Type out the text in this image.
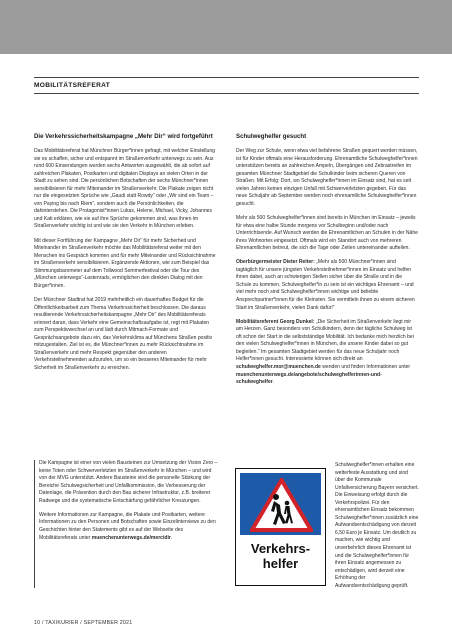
MOBILITÄTSREFERAT
Die Verkehrssicherheitskampagne „Mehr Dir“ wird fortgeführt

Das Mobilitätsreferat hat Münchner Bürger*innen gefragt, mit welcher Einstellung sie es schaffen, sicher und entspannt im Straßenverkehr unterwegs zu sein. Aus rund 600 Einsendungen wurden sechs Antworten ausgewählt, die ab sofort auf zahlreichen Plakaten, Postkarten und digitalen Displays an vielen Orten in der Stadt zu sehen sind. Die persönlichen Botschaften der sechs Münchner*innen sensibilisieren für mehr Miteinander im Straßenverkehr. Die Plakate zeigen nicht nur die eingesetzten Sprüche wie „Gaudi statt Rowdy“ oder „Wir sind ein Team – von Paying bis nach Riem“, sondern auch die Persönlichkeiten, die dahinterstehen. Die Protagonist*innen Lukas, Helene, Michael, Vicky, Johannes und Kati erklären, wie sie auf ihre Sprüche gekommen sind, was ihnen im Straßenverkehr wichtig ist und wie sie den Verkehr in München erleben.

Mit dieser Fortführung der Kampagne „Mehr Dir“ für mehr Sicherheit und Miteinander im Straßenverkehr möchte das Mobilitätsreferat weiter mit den Menschen ins Gespräch kommen und für mehr Miteinander und Rücksichtnahme im Straßenverkehr sensibilisieren. Ergänzende Aktionen, wie zum Beispiel das Stimmungsbarometer auf dem Tollwood Sommerfestival oder die Tour des „München unterwegs“-Lastenrads, ermöglichen den direkten Dialog mit den Bürger*innen.

Der Münchner Stadtrat hat 2019 mehrheitlich ein dauerhaftes Budget für die Öffentlichkeitsarbeit zum Thema Verkehrssicherheit beschlossen. Die daraus resultierende Verkehrssicherheitskampagne „Mehr Dir“ des Mobilitätsreferats erinnert daran, dass Verkehr eine Gemeinschaftsaufgabe ist, regt mit Plakaten zum Perspektivwechsel an und lädt durch Mitmach-Formate und Gesprächsangebote dazu ein, das Verkehrsklima auf Münchens Straßen positiv mitzugestalten. Ziel ist es, die Münchner*innen zu mehr Rücksichtnahme im Straßenverkehr und mehr Respekt gegenüber den anderen Verkehrsteilnehmenden aufzurufen, um so ein besseres Miteinander für mehr Sicherheit im Straßenverkehr zu erreichen.

Schulweghelfer gesucht

Der Weg zur Schule, wenn etwa viel befahrene Straßen gequert werden müssen, ist für Kinder oftmals eine Herausforderung. Ehrenamtliche Schulweghelfer*innen unterstützen bereits an zahlreichen Ampeln, Übergängen und Zebrastreifen im gesamten Münchner Stadtgebiet die Schulkinder beim sicheren Queren von Straßen. Mit Erfolg: Dort, wo Schulweghelfer*innen im Einsatz sind, hat es seit vielen Jahren keinen einzigen Unfall mit Schwerverletzten gegeben. Für das neue Schuljahr ab September werden noch ehrenamtliche Schulweghelfer*innen gesucht.

Mehr als 500 Schulweghelfer*innen sind bereits in München im Einsatz – jeweils für etwa eine halbe Stunde morgens vor Schulbeginn und/oder nach Unterrichtsende. Auf Wunsch werden die Ehrenamtlichen an Schulen in der Nähe ihres Wohnortes eingesetzt. Oftmals wird ein Standort auch von mehreren Ehrenamtlichen betreut, die sich die Tage oder Zeiten untereinander aufteilen.

Oberbürgermeister Dieter Reiter: „Mehr als 500 Münchner*innen sind tagtäglich für unsere jüngsten Verkehrsteilnehmer*innen im Einsatz und helfen ihnen dabei, auch an schwierigen Stellen sicher über die Straße und in die Schule zu kommen. Schulweghelfer*in zu sein ist ein wichtiges Ehrenamt – und viel mehr noch sind Schulweghelfer*innen wichtige und beliebte Ansprechpartner*innen für die Kleinsten. Sie vermitteln ihnen zu einem sicheren Start im Straßenverkehr, vielen Dank dafür!“

Mobilitätsreferent Georg Dunkel: „Die Sicherheit im Straßenverkehr liegt mir am Herzen. Ganz besonders von Schulkindern, denn der tägliche Schulweg ist oft schon der Start in die selbstständige Mobilität. Ich bedanke mich herzlich bei den vielen Schulweghelfer*innen in München, die unsere Kinder dabei so gut begleiten.“ Im gesamten Stadtgebiet werden für das neue Schuljahr noch Helfer*innen gesucht. Interessierte können sich direkt an schulweghelfer.mor@muenchen.de wenden und finden Informationen unter muenchenunterwegs.de/angebote/schulweghelferinnen-und-schulweghelfer.

Die Kampagne ist einer von vielen Bausteinen zur Umsetzung der Vision Zero – keine Toten oder Schwerverletzten im Straßenverkehr in München – und wird von der MVG unterstützt. Andere Bausteine sind die personelle Stärkung der Bereiche Schulwegsicherheit und Unfallkommission, die Verbesserung der Datenlage, die Prävention durch den Bau sicherer Infrastruktur, z.B. breiterer Radwege und die systematische Entschärfung gefährlicher Kreuzungen.

Weitere Informationen zur Kampagne, die Plakate und Postkarten, weitere Informationen zu den Personen und Botschaften sowie Einzelinterviews zu den Geschichten hinter den Statements gibt es auf der Webseite des Mobilitätsreferats unter muenchenunterwegs.de/mercidir.

Verkehrs-
helfer
Schulweghelfer*innen erhalten eine wetterfeste Ausstattung und sind über die Kommunale Unfallversicherung Bayern versichert. Die Einweisung erfolgt durch die Verkehrspolizei. Für den ehrenamtlichen Einsatz bekommen Schulweghelfer*innen zusätzlich eine Aufwandsentschädigung von derzeit 6,50 Euro je Einsatz. Um deutlich zu machen, wie wichtig und unverbehrlich dieses Ehrenamt ist und die Schulweghelfer*innen für ihren Einsatz angemessen zu entschädigen, wird derzeit eine Erhöhung der Aufwandsentschädigung geprüft.
10 / TAXIKURIER / SEPTEMBER 2021
